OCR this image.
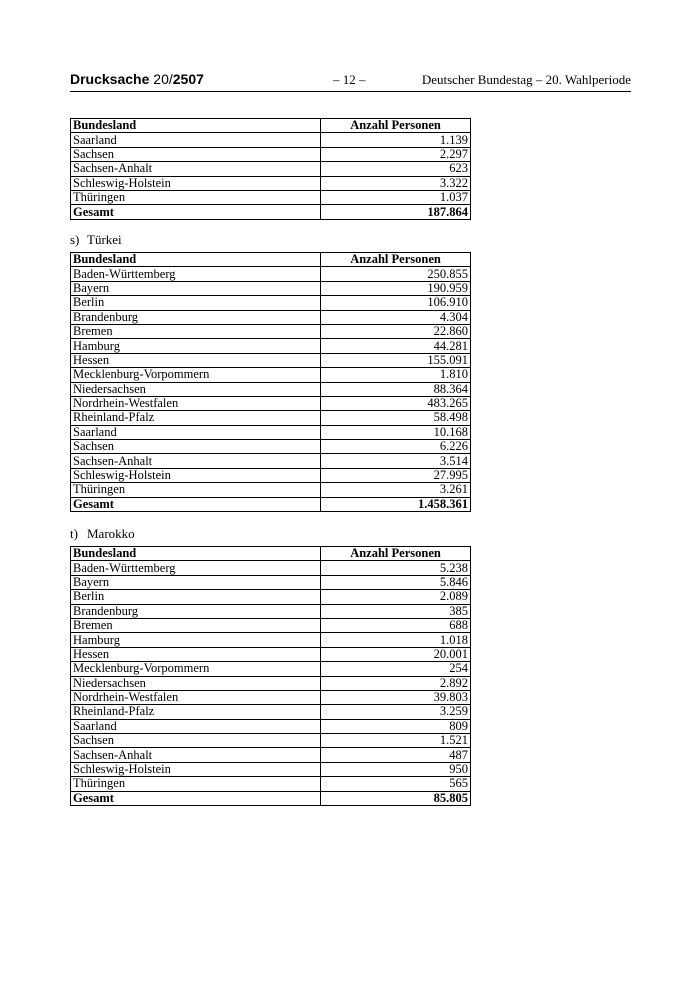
Drucksache 20/2507	– 12 –	Deutscher Bundestag – 20. Wahlperiode
Bundesland	Anzahl Personen
Saarland	1.139
Sachsen	2.297
Sachsen-Anhalt	623
Schleswig-Holstein	3.322
Thüringen	1.037
Gesamt	187.864
s) Türkei
Bundesland	Anzahl Personen
Baden-Württemberg	250.855
Bayern	190.959
Berlin	106.910
Brandenburg	4.304
Bremen	22.860
Hamburg	44.281
Hessen	155.091
Mecklenburg-Vorpommern	1.810
Niedersachsen	88.364
Nordrhein-Westfalen	483.265
Rheinland-Pfalz	58.498
Saarland	10.168
Sachsen	6.226
Sachsen-Anhalt	3.514
Schleswig-Holstein	27.995
Thüringen	3.261
Gesamt	1.458.361
t) Marokko
Bundesland	Anzahl Personen
Baden-Württemberg	5.238
Bayern	5.846
Berlin	2.089
Brandenburg	385
Bremen	688
Hamburg	1.018
Hessen	20.001
Mecklenburg-Vorpommern	254
Niedersachsen	2.892
Nordrhein-Westfalen	39.803
Rheinland-Pfalz	3.259
Saarland	809
Sachsen	1.521
Sachsen-Anhalt	487
Schleswig-Holstein	950
Thüringen	565
Gesamt	85.805
